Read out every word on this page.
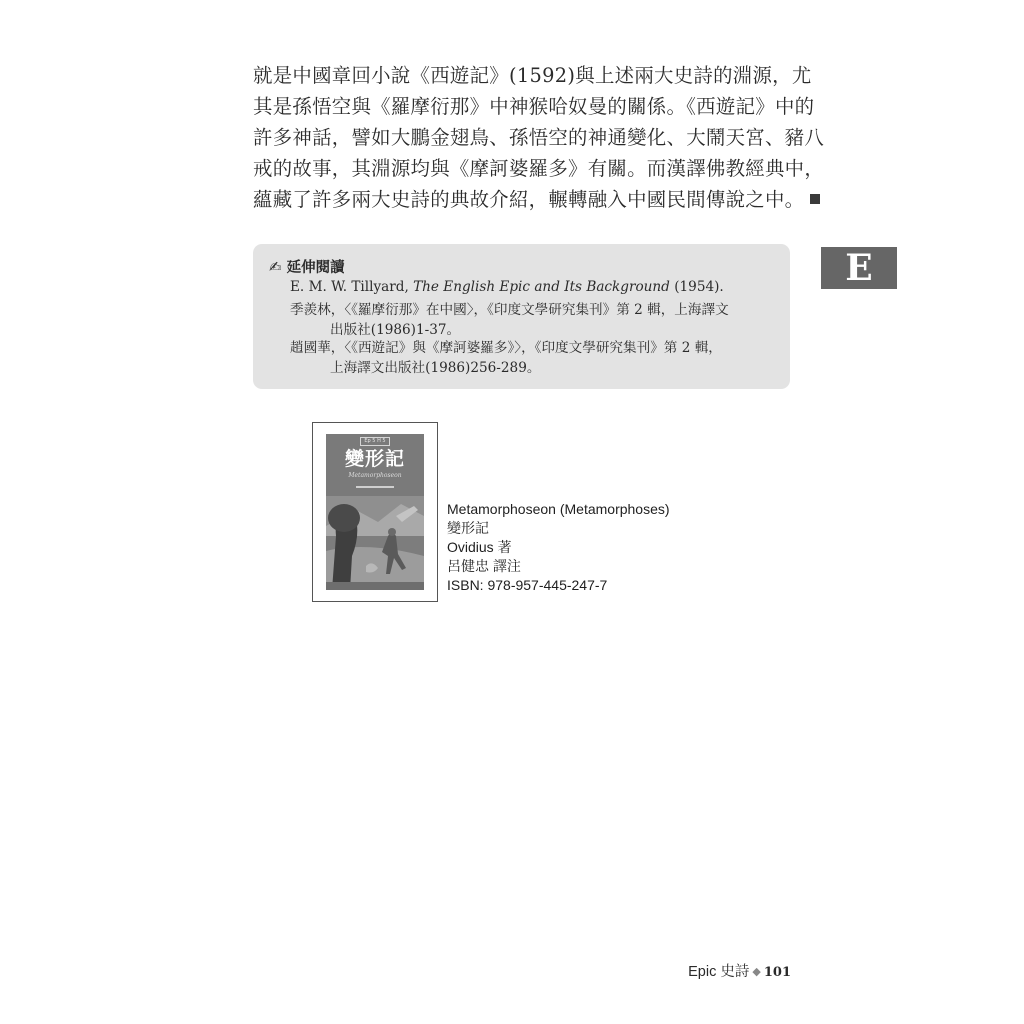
就是中國章回小說《西遊記》(1592)與上述兩大史詩的淵源，尤
其是孫悟空與《羅摩衍那》中神猴哈奴曼的關係。《西遊記》中的
許多神話，譬如大鵬金翅鳥、孫悟空的神通變化、大鬧天宮、豬八
戒的故事，其淵源均與《摩訶婆羅多》有關。而漢譯佛教經典中，
蘊藏了許多兩大史詩的典故介紹，輾轉融入中國民間傳說之中。
✍ 延伸閱讀
E. M. W. Tillyard, The English Epic and Its Background (1954).
季羨林，〈《羅摩衍那》在中國〉，《印度文學研究集刊》第 2 輯，上海譯文
出版社(1986)1-37。
趙國華，〈《西遊記》與《摩訶婆羅多》〉，《印度文學研究集刊》第 2 輯，
上海譯文出版社(1986)256-289。
E
Ep 5 H 5
變形記
Metamorphoseon
Metamorphoseon (Metamorphoses)
變形記
Ovidius 著
呂健忠 譯注
ISBN: 978-957-445-247-7
Epic 史詩 ◆ 101
